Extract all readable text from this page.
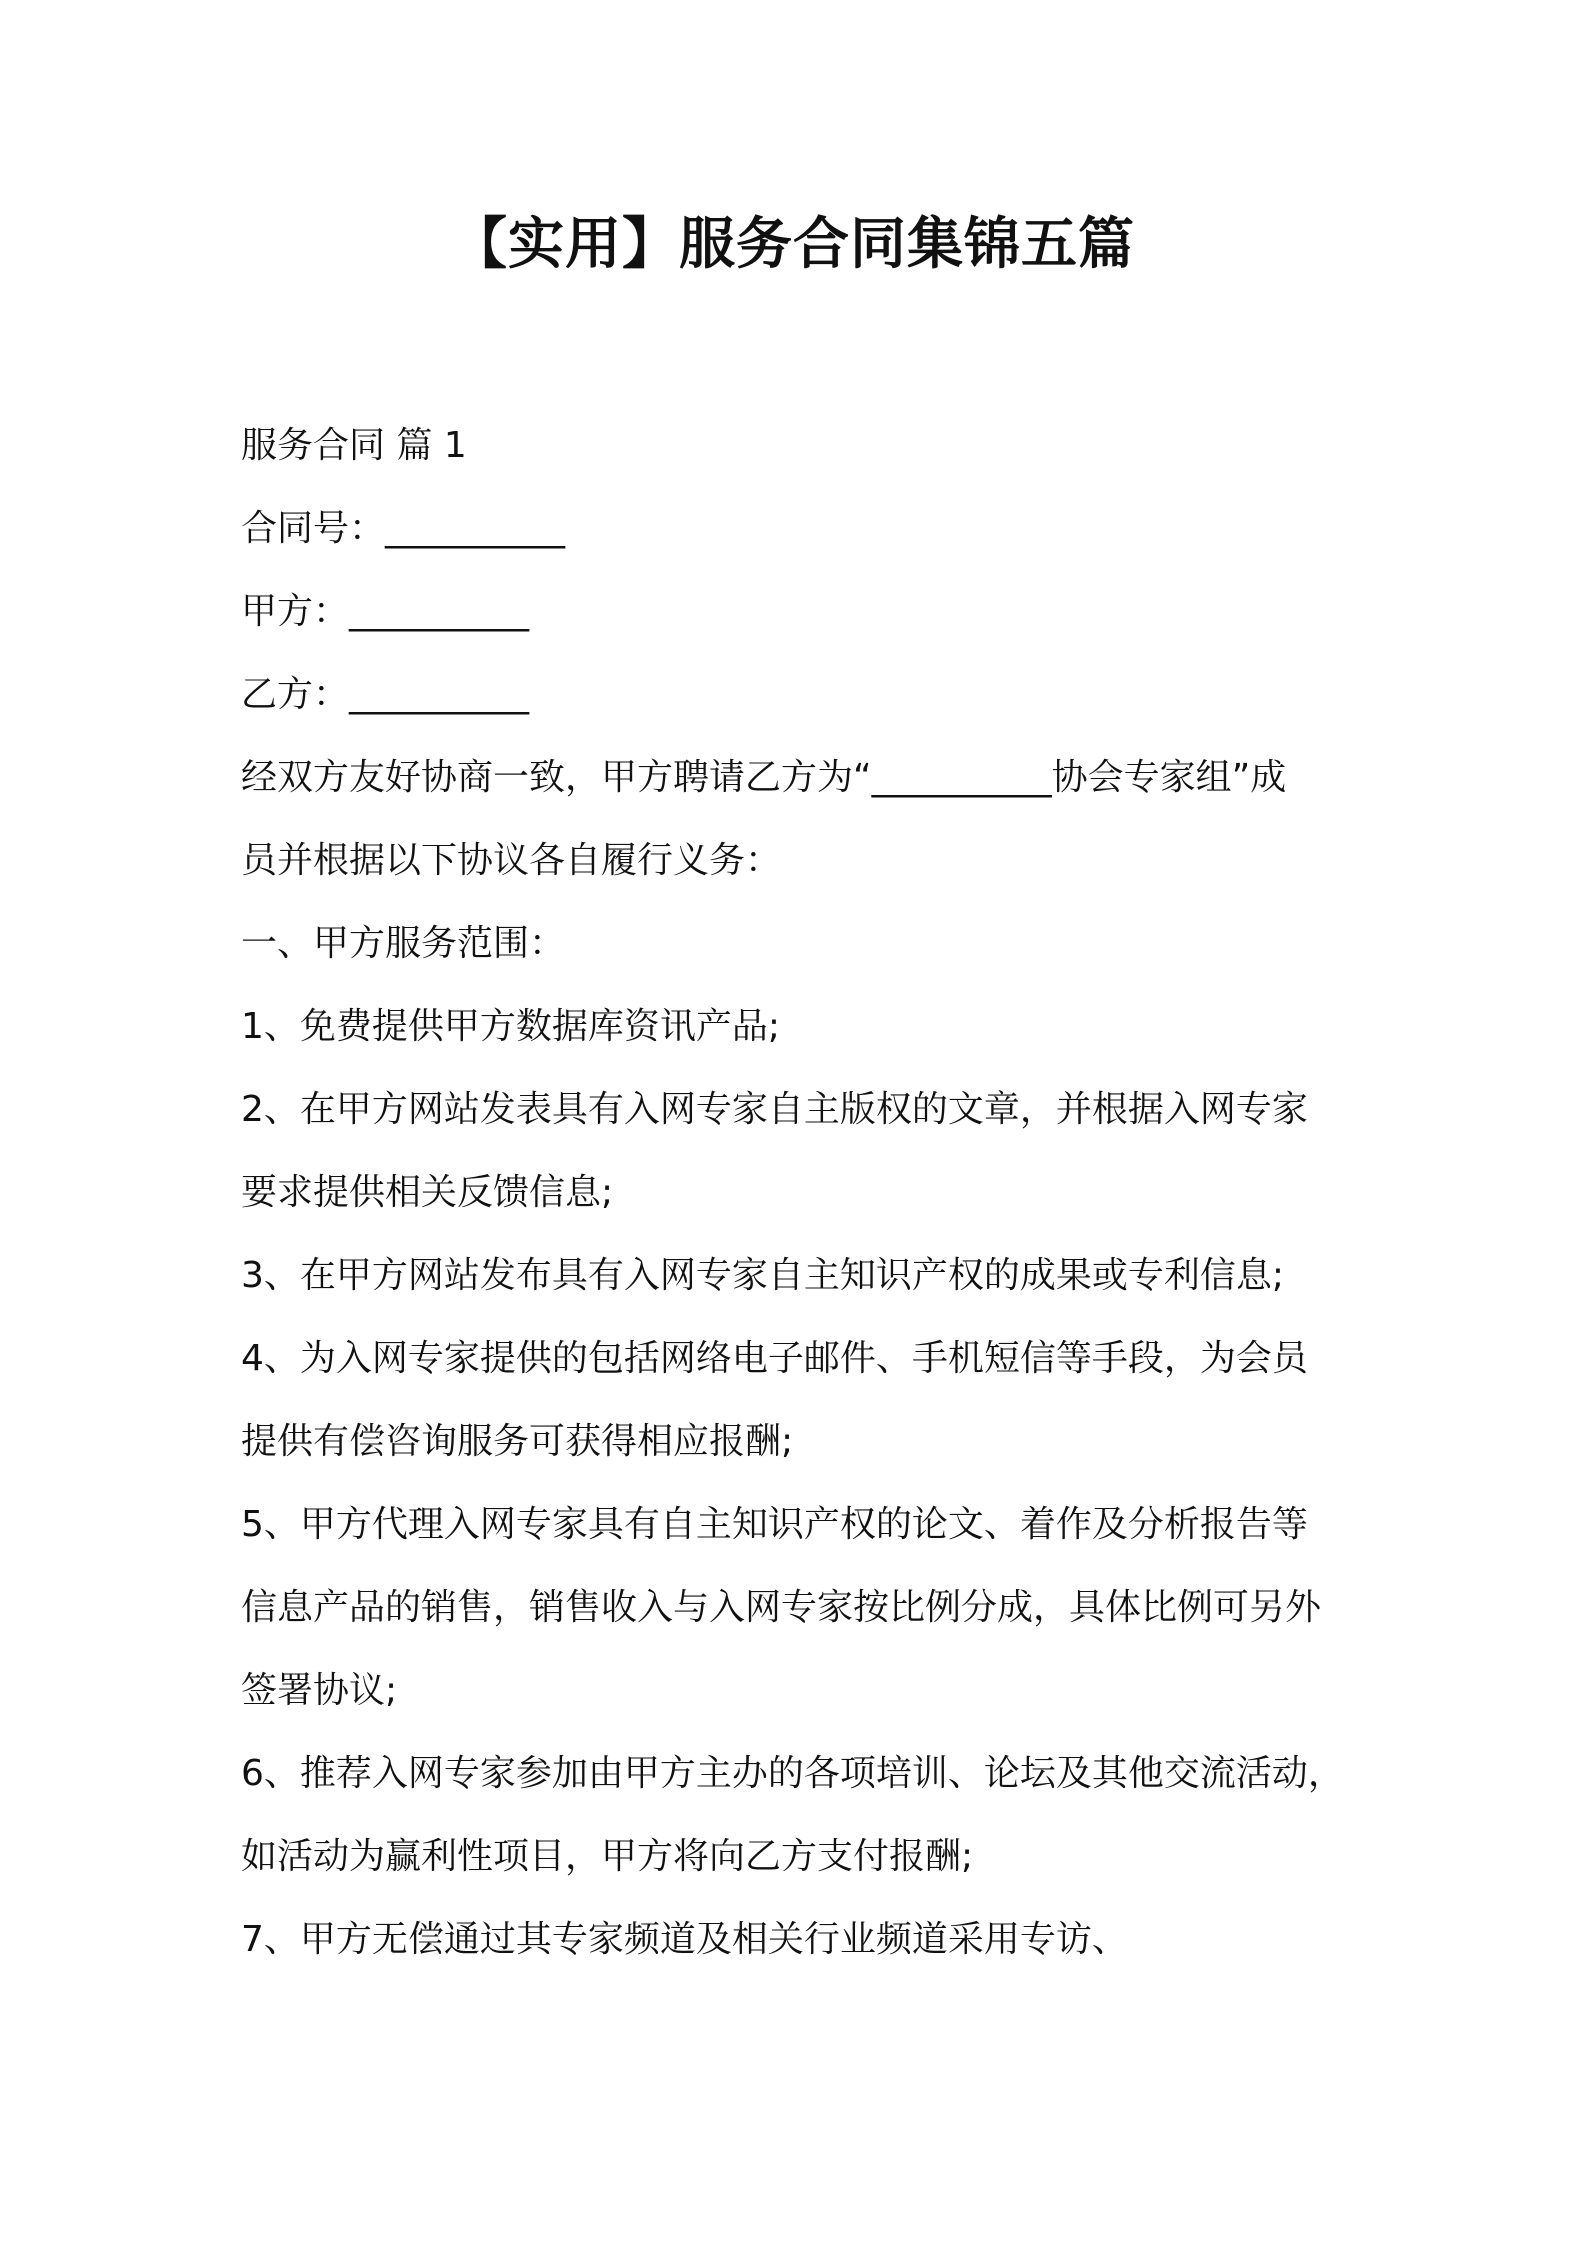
【实用】服务合同集锦五篇
服务合同 篇 1
合同号：__________
甲方：__________
乙方：__________
经双方友好协商一致，甲方聘请乙方为“__________协会专家组”成
员并根据以下协议各自履行义务：
一、甲方服务范围：
1、免费提供甲方数据库资讯产品;
2、在甲方网站发表具有入网专家自主版权的文章，并根据入网专家
要求提供相关反馈信息;
3、在甲方网站发布具有入网专家自主知识产权的成果或专利信息;
4、为入网专家提供的包括网络电子邮件、手机短信等手段，为会员
提供有偿咨询服务可获得相应报酬;
5、甲方代理入网专家具有自主知识产权的论文、着作及分析报告等
信息产品的销售，销售收入与入网专家按比例分成，具体比例可另外
签署协议;
6、推荐入网专家参加由甲方主办的各项培训、论坛及其他交流活动，
如活动为赢利性项目，甲方将向乙方支付报酬;
7、甲方无偿通过其专家频道及相关行业频道采用专访、
